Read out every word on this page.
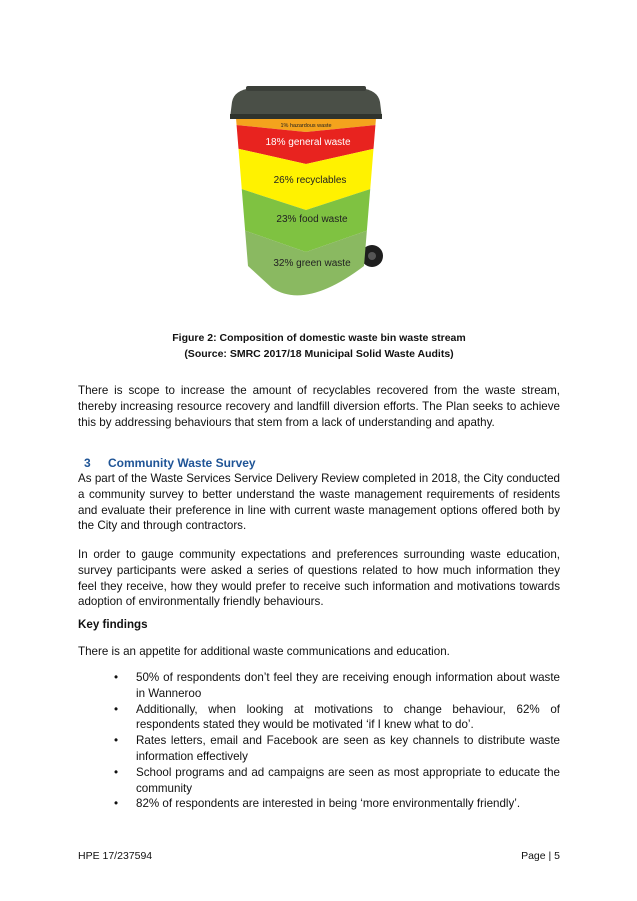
1% hazardous waste
18% general waste
26% recyclables
23% food waste
32% green waste
Figure 2: Composition of domestic waste bin waste stream
(Source: SMRC 2017/18 Municipal Solid Waste Audits)

There is scope to increase the amount of recyclables recovered from the waste stream, thereby increasing resource recovery and landfill diversion efforts. The Plan seeks to achieve this by addressing behaviours that stem from a lack of understanding and apathy.

3 Community Waste Survey

As part of the Waste Services Service Delivery Review completed in 2018, the City conducted a community survey to better understand the waste management requirements of residents and evaluate their preference in line with current waste management options offered both by the City and through contractors.

In order to gauge community expectations and preferences surrounding waste education, survey participants were asked a series of questions related to how much information they feel they receive, how they would prefer to receive such information and motivations towards adoption of environmentally friendly behaviours.

Key findings
There is an appetite for additional waste communications and education.
• 50% of respondents don’t feel they are receiving enough information about waste in Wanneroo
• Additionally, when looking at motivations to change behaviour, 62% of respondents stated they would be motivated ‘if I knew what to do’.
• Rates letters, email and Facebook are seen as key channels to distribute waste information effectively
• School programs and ad campaigns are seen as most appropriate to educate the community
• 82% of respondents are interested in being ‘more environmentally friendly’.
HPE 17/237594	Page | 5
